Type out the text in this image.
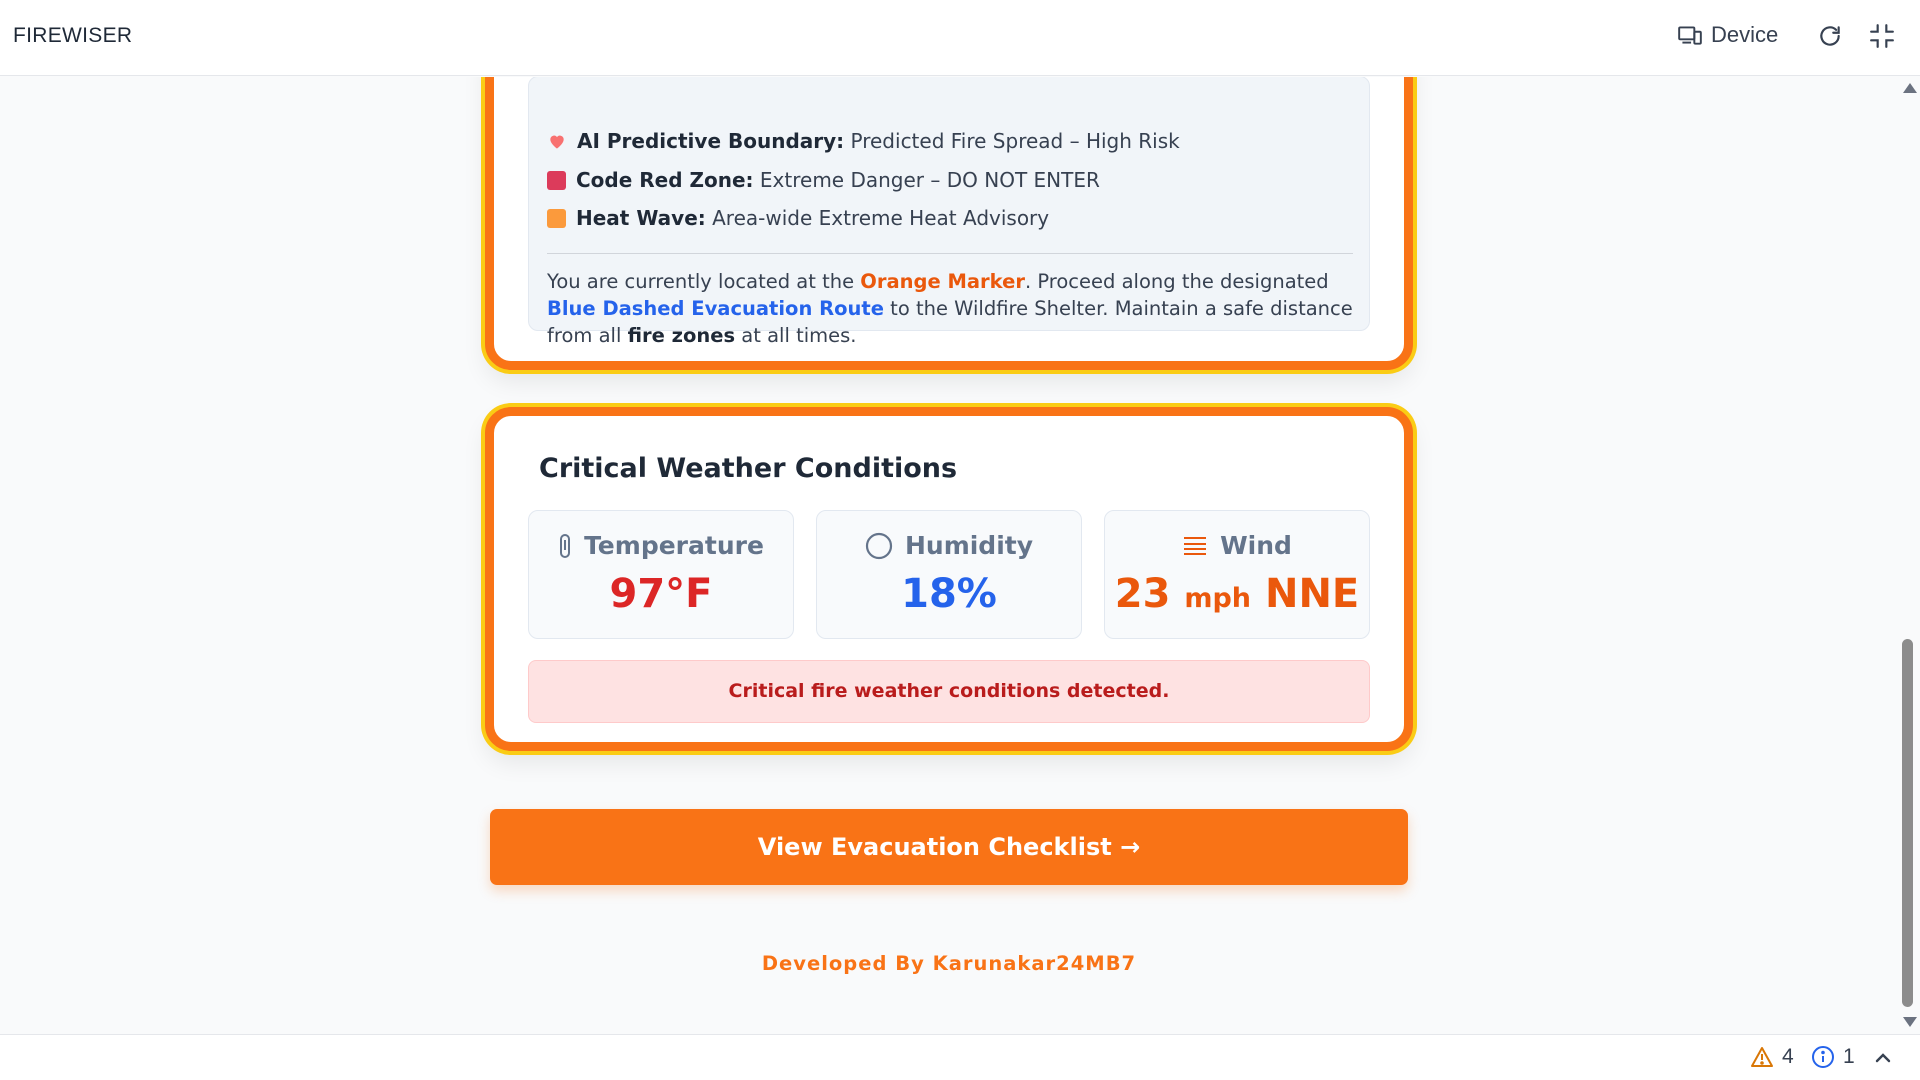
FIREWISER	Device
AI Predictive Boundary: Predicted Fire Spread – High Risk
Code Red Zone: Extreme Danger – DO NOT ENTER
Heat Wave: Area-wide Extreme Heat Advisory
You are currently located at the Orange Marker. Proceed along the designated Blue Dashed Evacuation Route to the Wildfire Shelter. Maintain a safe distance from all fire zones at all times.
Critical Weather Conditions
Temperature
97°F
Humidity
18%
Wind
23 mph NNE
Critical fire weather conditions detected.
View Evacuation Checklist →
Developed By Karunakar24MB7
4 1
